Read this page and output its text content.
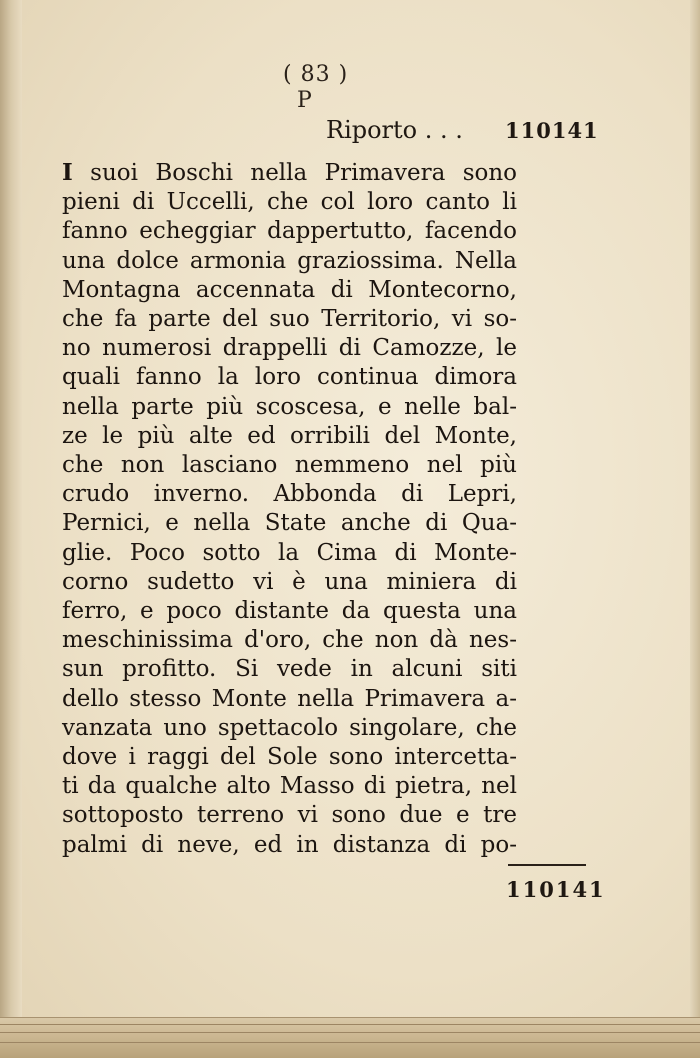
( 83 )
P
Riporto . . . 110141
I suoi Boschi nella Primavera sono
pieni di Uccelli, che col loro canto li
fanno echeggiar dappertutto, facendo
una dolce armonia graziossima. Nella
Montagna accennata di Montecorno,
che fa parte del suo Territorio, vi so-
no numerosi drappelli di Camozze, le
quali fanno la loro continua dimora
nella parte più scoscesa, e nelle bal-
ze le più alte ed orribili del Monte,
che non lasciano nemmeno nel più
crudo inverno. Abbonda di Lepri,
Pernici, e nella State anche di Qua-
glie. Poco sotto la Cima di Monte-
corno sudetto vi è una miniera di
ferro, e poco distante da questa una
meschinissima d'oro, che non dà nes-
sun profitto. Si vede in alcuni siti
dello stesso Monte nella Primavera a-
vanzata uno spettacolo singolare, che
dove i raggi del Sole sono intercetta-
ti da qualche alto Masso di pietra, nel
sottoposto terreno vi sono due e tre
palmi di neve, ed in distanza di po-
110141
